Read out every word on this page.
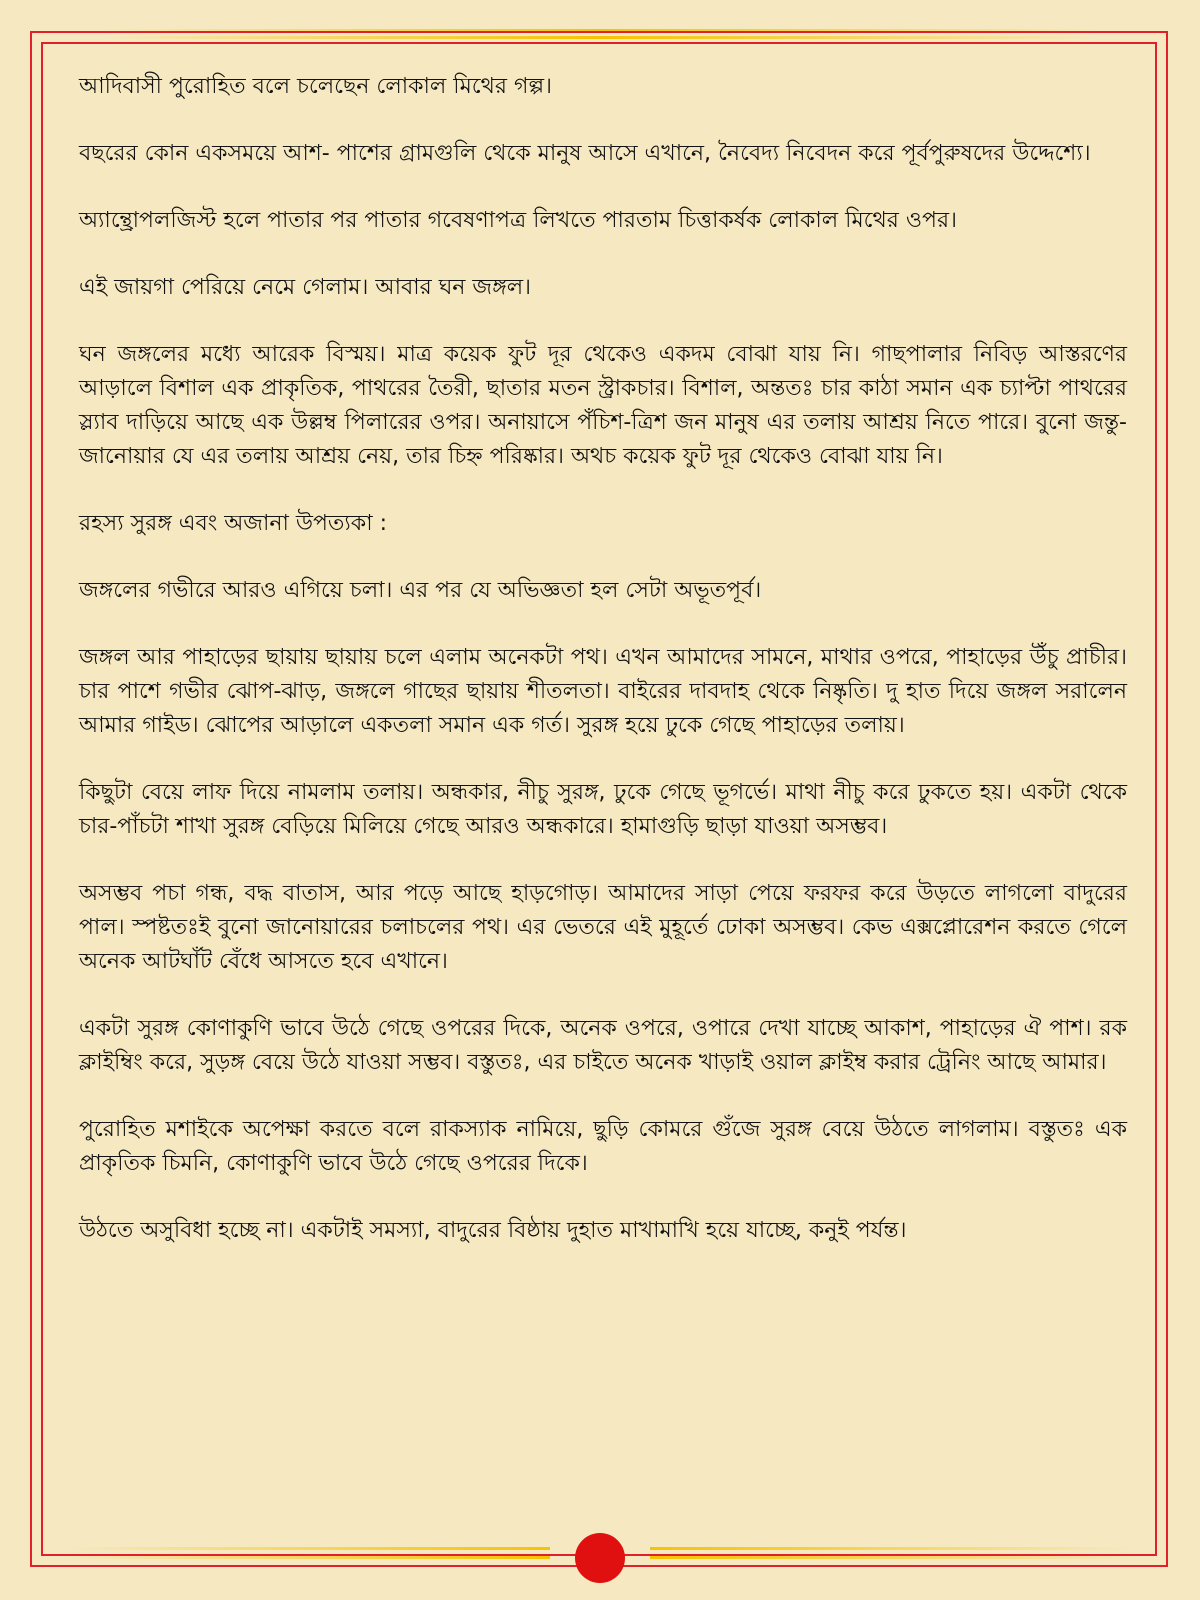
আদিবাসী পুরোহিত বলে চলেছেন লোকাল মিথের গল্প।

বছরের কোন একসময়ে আশ- পাশের গ্রামগুলি থেকে মানুষ আসে এখানে, নৈবেদ্য নিবেদন করে পূর্বপুরুষদের উদ্দেশ্যে।

অ্যান্থ্রোপলজিস্ট হলে পাতার পর পাতার গবেষণাপত্র লিখতে পারতাম চিত্তাকর্ষক লোকাল মিথের ওপর।

এই জায়গা পেরিয়ে নেমে গেলাম। আবার ঘন জঙ্গল।

ঘন জঙ্গলের মধ্যে আরেক বিস্ময়। মাত্র কয়েক ফুট দূর থেকেও একদম বোঝা যায় নি। গাছপালার নিবিড় আস্তরণের আড়ালে বিশাল এক প্রাকৃতিক, পাথরের তৈরী, ছাতার মতন স্ট্রাকচার। বিশাল, অন্ততঃ চার কাঠা সমান এক চ্যাপ্টা পাথরের স্ল্যাব দাড়িয়ে আছে এক উল্লম্ব পিলারের ওপর। অনায়াসে পঁচিশ-ত্রিশ জন মানুষ এর তলায় আশ্রয় নিতে পারে। বুনো জন্তু-জানোয়ার যে এর তলায় আশ্রয় নেয়, তার চিহ্ন পরিষ্কার। অথচ কয়েক ফুট দূর থেকেও বোঝা যায় নি।

রহস্য সুরঙ্গ এবং অজানা উপত্যকা :

জঙ্গলের গভীরে আরও এগিয়ে চলা। এর পর যে অভিজ্ঞতা হল সেটা অভূতপূর্ব।

জঙ্গল আর পাহাড়ের ছায়ায় ছায়ায় চলে এলাম অনেকটা পথ। এখন আমাদের সামনে, মাথার ওপরে, পাহাড়ের উঁচু প্রাচীর। চার পাশে গভীর ঝোপ-ঝাড়, জঙ্গলে গাছের ছায়ায় শীতলতা। বাইরের দাবদাহ থেকে নিষ্কৃতি। দু হাত দিয়ে জঙ্গল সরালেন আমার গাইড। ঝোপের আড়ালে একতলা সমান এক গর্ত। সুরঙ্গ হয়ে ঢুকে গেছে পাহাড়ের তলায়।

কিছুটা বেয়ে লাফ দিয়ে নামলাম তলায়। অন্ধকার, নীচু সুরঙ্গ, ঢুকে গেছে ভূগর্ভে। মাথা নীচু করে ঢুকতে হয়। একটা থেকে চার-পাঁচটা শাখা সুরঙ্গ বেড়িয়ে মিলিয়ে গেছে আরও অন্ধকারে। হামাগুড়ি ছাড়া যাওয়া অসম্ভব।

অসম্ভব পচা গন্ধ, বদ্ধ বাতাস, আর পড়ে আছে হাড়গোড়। আমাদের সাড়া পেয়ে ফরফর করে উড়তে লাগলো বাদুরের পাল। স্পষ্টতঃই বুনো জানোয়ারের চলাচলের পথ। এর ভেতরে এই মুহূর্তে ঢোকা অসম্ভব। কেভ এক্সপ্লোরেশন করতে গেলে অনেক আটঘাঁট বেঁধে আসতে হবে এখানে।

একটা সুরঙ্গ কোণাকুণি ভাবে উঠে গেছে ওপরের দিকে, অনেক ওপরে, ওপারে দেখা যাচ্ছে আকাশ, পাহাড়ের ঐ পাশ। রক ক্লাইম্বিং করে, সুড়ঙ্গ বেয়ে উঠে যাওয়া সম্ভব। বস্তুতঃ, এর চাইতে অনেক খাড়াই ওয়াল ক্লাইম্ব করার ট্রেনিং আছে আমার।

পুরোহিত মশাইকে অপেক্ষা করতে বলে রাকস্যাক নামিয়ে, ছুড়ি কোমরে গুঁজে সুরঙ্গ বেয়ে উঠতে লাগলাম। বস্তুতঃ এক প্রাকৃতিক চিমনি, কোণাকুণি ভাবে উঠে গেছে ওপরের দিকে।

উঠতে অসুবিধা হচ্ছে না। একটাই সমস্যা, বাদুরের বিষ্ঠায় দুহাত মাখামাখি হয়ে যাচ্ছে, কনুই পর্যন্ত।
